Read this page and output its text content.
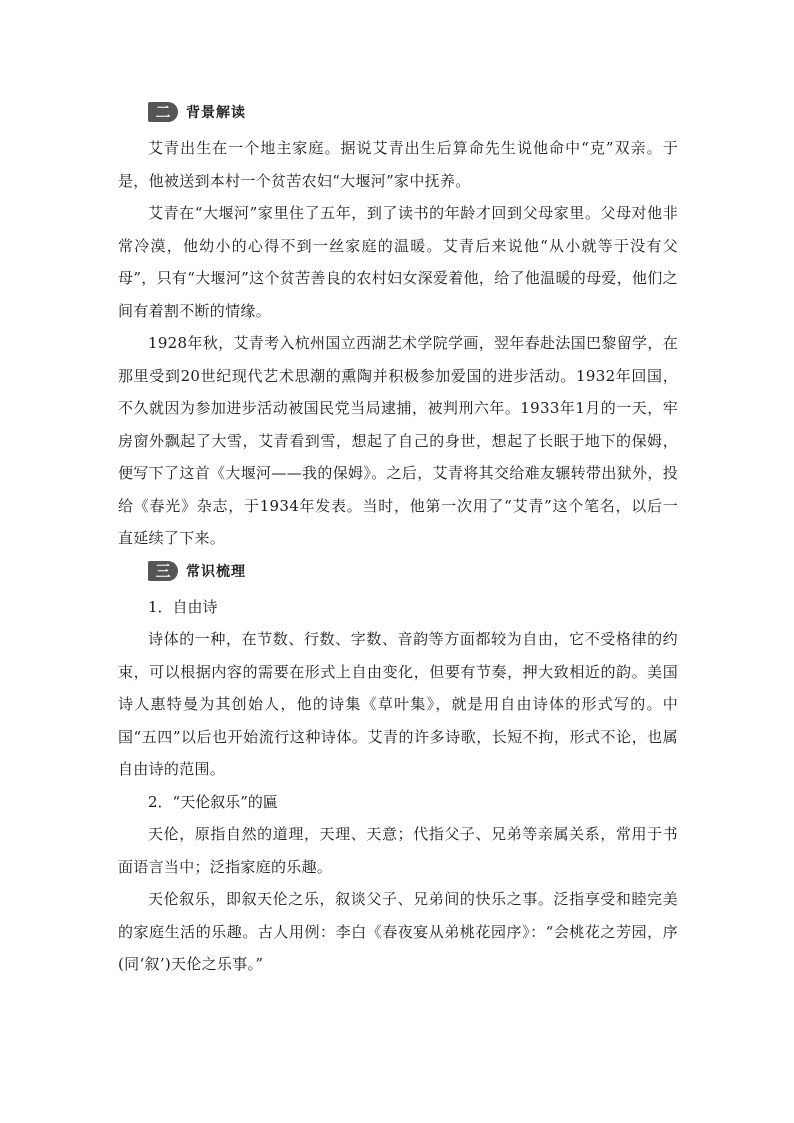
二	背景解读

艾青出生在一个地主家庭。据说艾青出生后算命先生说他命中“克”双亲。于是，他被送到本村一个贫苦农妇“大堰河”家中抚养。

艾青在“大堰河”家里住了五年，到了读书的年龄才回到父母家里。父母对他非常冷漠，他幼小的心得不到一丝家庭的温暖。艾青后来说他“从小就等于没有父母”，只有“大堰河”这个贫苦善良的农村妇女深爱着他，给了他温暖的母爱，他们之间有着割不断的情缘。

1928年秋，艾青考入杭州国立西湖艺术学院学画，翌年春赴法国巴黎留学，在那里受到20世纪现代艺术思潮的熏陶并积极参加爱国的进步活动。1932年回国，不久就因为参加进步活动被国民党当局逮捕，被判刑六年。1933年1月的一天，牢房窗外飘起了大雪，艾青看到雪，想起了自己的身世，想起了长眠于地下的保姆，便写下了这首《大堰河——我的保姆》。之后，艾青将其交给难友辗转带出狱外，投给《春光》杂志，于1934年发表。当时，他第一次用了“艾青”这个笔名，以后一直延续了下来。

三	常识梳理

1．自由诗

诗体的一种，在节数、行数、字数、音韵等方面都较为自由，它不受格律的约束，可以根据内容的需要在形式上自由变化，但要有节奏，押大致相近的韵。美国诗人惠特曼为其创始人，他的诗集《草叶集》，就是用自由诗体的形式写的。中国“五四”以后也开始流行这种诗体。艾青的许多诗歌，长短不拘，形式不论，也属自由诗的范围。

2．“天伦叙乐”的匾

天伦，原指自然的道理，天理、天意；代指父子、兄弟等亲属关系，常用于书面语言当中；泛指家庭的乐趣。

天伦叙乐，即叙天伦之乐，叙谈父子、兄弟间的快乐之事。泛指享受和睦完美的家庭生活的乐趣。古人用例：李白《春夜宴从弟桃花园序》：“会桃花之芳园，序(同‘叙’)天伦之乐事。”
